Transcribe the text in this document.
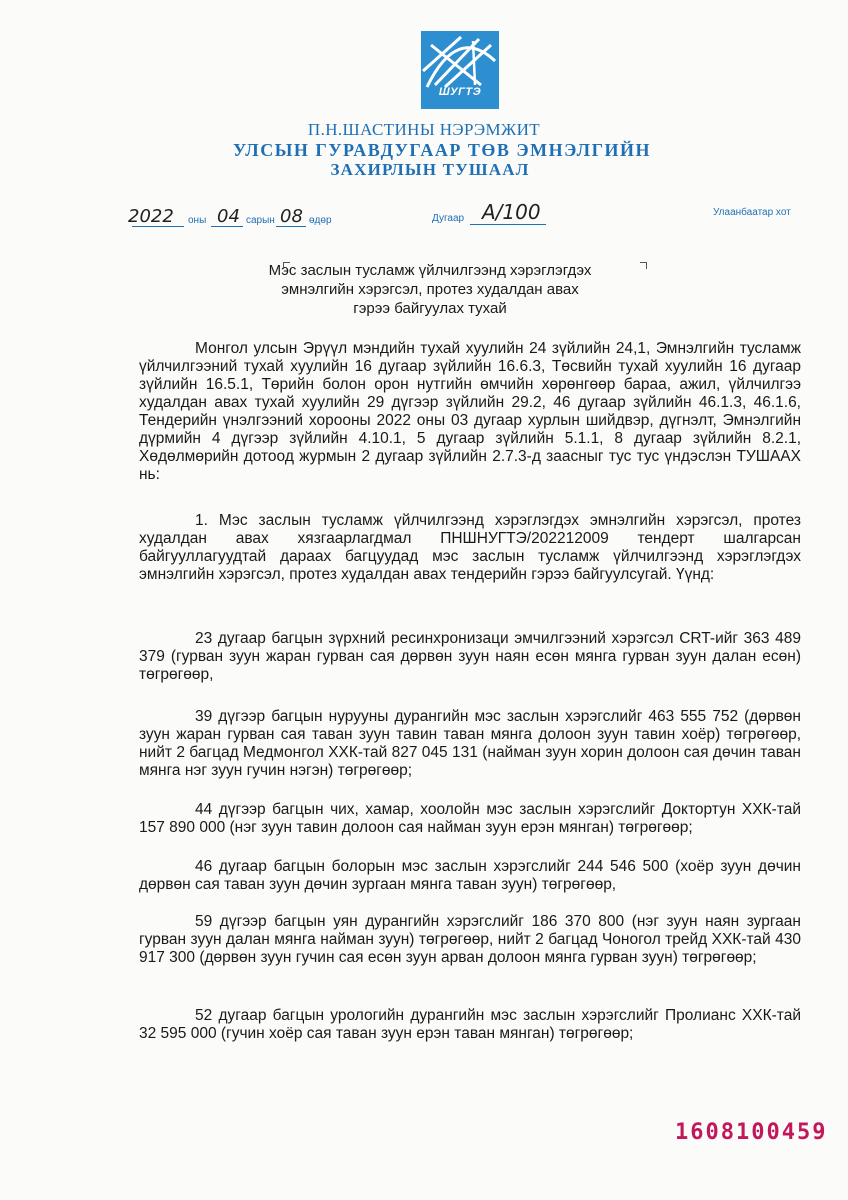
ШУГТЭ
П.Н.ШАСТИНЫ НЭРЭМЖИТ
УЛСЫН ГУРАВДУГААР ТӨВ ЭМНЭЛГИЙН
ЗАХИРЛЫН ТУШААЛ
2022 оны 04 сарын 08 өдөр	Дугаар А/100	Улаанбаатар хот
Мэс заслын тусламж үйлчилгээнд хэрэглэгдэх
эмнэлгийн хэрэгсэл, протез худалдан авах
гэрээ байгуулах тухай
Монгол улсын Эрүүл мэндийн тухай хуулийн 24 зүйлийн 24,1, Эмнэлгийн тусламж үйлчилгээний тухай хуулийн 16 дугаар зүйлийн 16.6.3, Төсвийн тухай хуулийн 16 дугаар зүйлийн 16.5.1, Төрийн болон орон нутгийн өмчийн хөрөнгөөр бараа, ажил, үйлчилгээ худалдан авах тухай хуулийн 29 дүгээр зүйлийн 29.2, 46 дугаар зүйлийн 46.1.3, 46.1.6, Тендерийн үнэлгээний хорооны 2022 оны 03 дугаар хурлын шийдвэр, дүгнэлт, Эмнэлгийн дүрмийн 4 дүгээр зүйлийн 4.10.1, 5 дугаар зүйлийн 5.1.1, 8 дугаар зүйлийн 8.2.1, Хөдөлмөрийн дотоод журмын 2 дугаар зүйлийн 2.7.3-д заасныг тус тус үндэслэн ТУШААХ нь:
1. Мэс заслын тусламж үйлчилгээнд хэрэглэгдэх эмнэлгийн хэрэгсэл, протез худалдан авах хязгаарлагдмал ПНШНУГТЭ/202212009 тендерт шалгарсан байгууллагуудтай дараах багцуудад мэс заслын тусламж үйлчилгээнд хэрэглэгдэх эмнэлгийн хэрэгсэл, протез худалдан авах тендерийн гэрээ байгуулсугай. Үүнд:
23 дугаар багцын зүрхний ресинхронизаци эмчилгээний хэрэгсэл CRT-ийг 363 489 379 (гурван зуун жаран гурван сая дөрвөн зуун наян есөн мянга гурван зуун далан есөн) төгрөгөөр,
39 дүгээр багцын нурууны дурангийн мэс заслын хэрэгслийг 463 555 752 (дөрвөн зуун жаран гурван сая таван зуун тавин таван мянга долоон зуун тавин хоёр) төгрөгөөр, нийт 2 багцад Медмонгол ХХК-тай 827 045 131 (найман зуун хорин долоон сая дөчин таван мянга нэг зуун гучин нэгэн) төгрөгөөр;
44 дүгээр багцын чих, хамар, хоолойн мэс заслын хэрэгслийг Доктортун ХХК-тай 157 890 000 (нэг зуун тавин долоон сая найман зуун ерэн мянган) төгрөгөөр;
46 дугаар багцын болорын мэс заслын хэрэгслийг 244 546 500 (хоёр зуун дөчин дөрвөн сая таван зуун дөчин зургаан мянга таван зуун) төгрөгөөр,
59 дүгээр багцын уян дурангийн хэрэгслийг 186 370 800 (нэг зуун наян зургаан гурван зуун далан мянга найман зуун) төгрөгөөр, нийт 2 багцад Чоногол трейд ХХК-тай 430 917 300 (дөрвөн зуун гучин сая есөн зуун арван долоон мянга гурван зуун) төгрөгөөр;
52 дугаар багцын урологийн дурангийн мэс заслын хэрэгслийг Пролианс ХХК-тай 32 595 000 (гучин хоёр сая таван зуун ерэн таван мянган) төгрөгөөр;
1608100459
